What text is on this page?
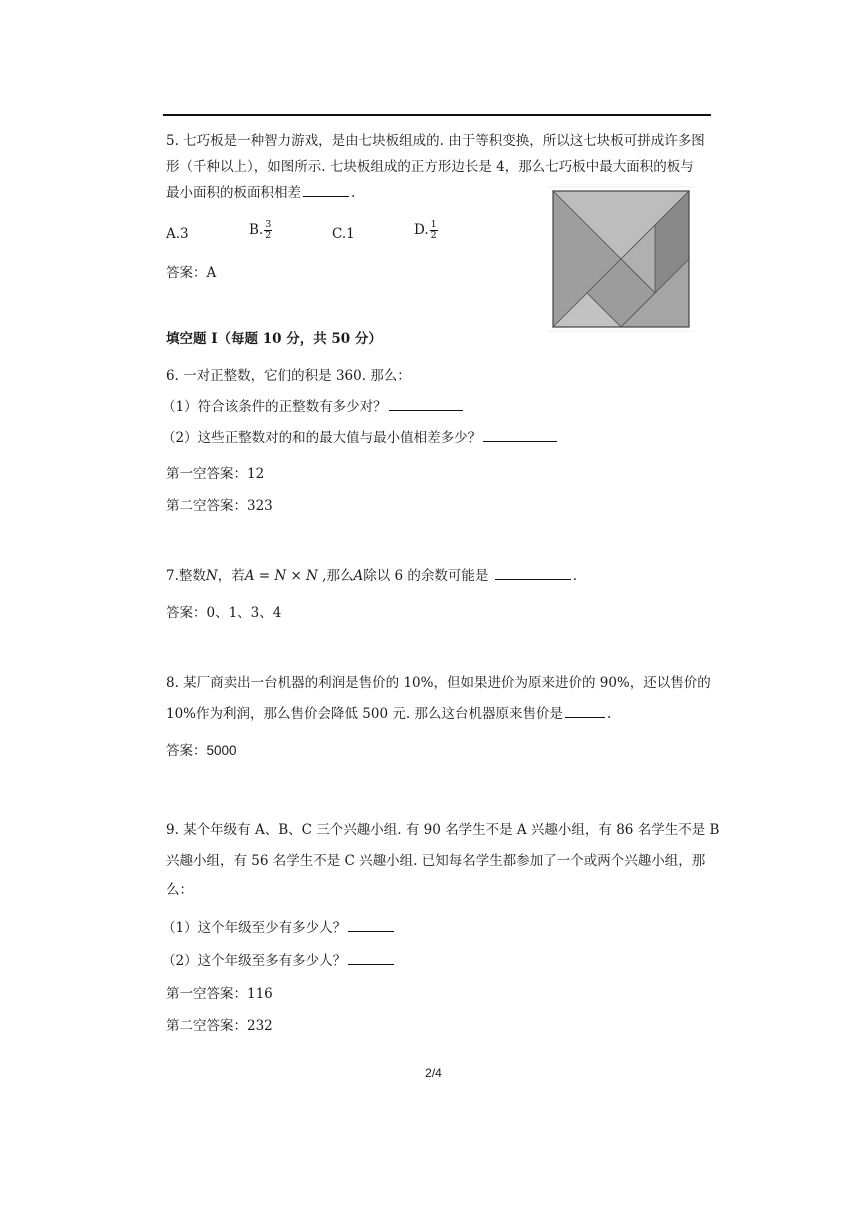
5. 七巧板是一种智力游戏，是由七块板组成的. 由于等积变换，所以这七块板可拼成许多图
形（千种以上），如图所示. 七块板组成的正方形边长是 4，那么七巧板中最大面积的板与
最小面积的板面积相差	.
A.3	B. $\frac{3}{2}$	C.1	D. $\frac{1}{2}$
答案：A
填空题 I（每题 10 分，共 50 分）
6. 一对正整数，它们的积是 360. 那么：
（1）符合该条件的正整数有多少对？
（2）这些正整数对的和的最大值与最小值相差多少？
第一空答案：12
第二空答案：323
7.整数N，若A = N × N ,那么A除以 6 的余数可能是	.
答案：0、1、3、4
8. 某厂商卖出一台机器的利润是售价的 10%，但如果进价为原来进价的 90%，还以售价的
10%作为利润，那么售价会降低 500 元. 那么这台机器原来售价是	.
答案：5000
9. 某个年级有 A、B、C 三个兴趣小组. 有 90 名学生不是 A 兴趣小组，有 86 名学生不是 B
兴趣小组，有 56 名学生不是 C 兴趣小组. 已知每名学生都参加了一个或两个兴趣小组，那
么：
（1）这个年级至少有多少人？
（2）这个年级至多有多少人？
第一空答案：116
第二空答案：232
2/4
